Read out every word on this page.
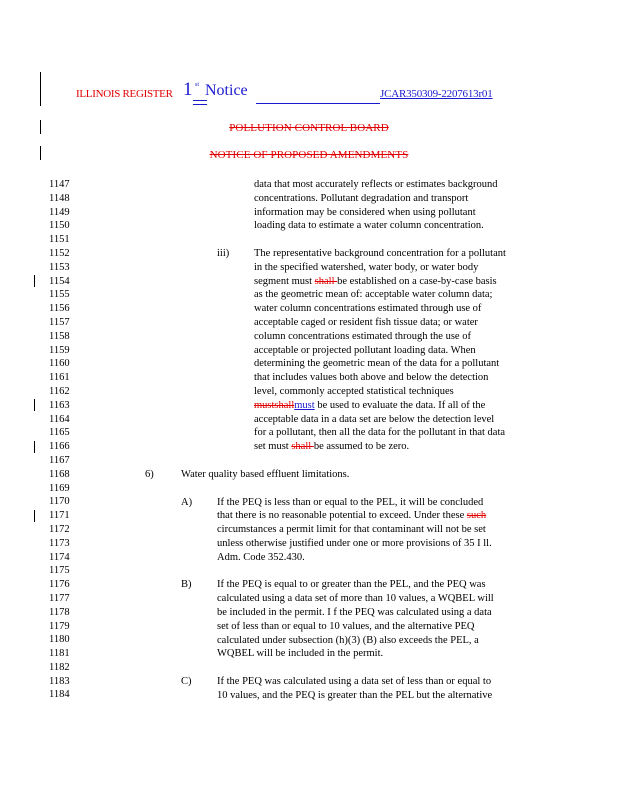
ILLINOIS REGISTER 1 st Notice	JCAR350309-2207613r01
POLLUTION CONTROL BOARD
NOTICE OF PROPOSED AMENDMENTS
1147
1148
1149
1150
1151
1152
1153
1154
1155
1156
1157
1158
1159
1160
1161
1162
1163
1164
1165
1166
1167
1168
1169
1170
1171
1172
1173
1174
1175
1176
1177
1178
1179
1180
1181
1182
1183
1184
data that most accurately reflects or estimates background
concentrations. Pollutant degradation and transport
information may be considered when using pollutant
loading data to estimate a water column concentration.
iii) The representative background concentration for a pollutant
in the specified watershed, water body, or water body
segment must shall be established on a case-by-case basis
as the geometric mean of: acceptable water column data;
water column concentrations estimated through use of
acceptable caged or resident fish tissue data; or water
column concentrations estimated through the use of
acceptable or projected pollutant loading data. When
determining the geometric mean of the data for a pollutant
that includes values both above and below the detection
level, commonly accepted statistical techniques
mustshallmust be used to evaluate the data. If all of the
acceptable data in a data set are below the detection level
for a pollutant, then all the data for the pollutant in that data
set must shall be assumed to be zero.
6)	Water quality based effluent limitations.
A) If the PEQ is less than or equal to the PEL, it will be concluded
that there is no reasonable potential to exceed. Under these such
circumstances a permit limit for that contaminant will not be set
unless otherwise justified under one or more provisions of 35 I ll.
Adm. Code 352.430.
B) If the PEQ is equal to or greater than the PEL, and the PEQ was
calculated using a data set of more than 10 values, a WQBEL will
be included in the permit. I f the PEQ was calculated using a data
set of less than or equal to 10 values, and the alternative PEQ
calculated under subsection (h)(3) (B) also exceeds the PEL, a
WQBEL will be included in the permit.
C) If the PEQ was calculated using a data set of less than or equal to
10 values, and the PEQ is greater than the PEL but the alternative
